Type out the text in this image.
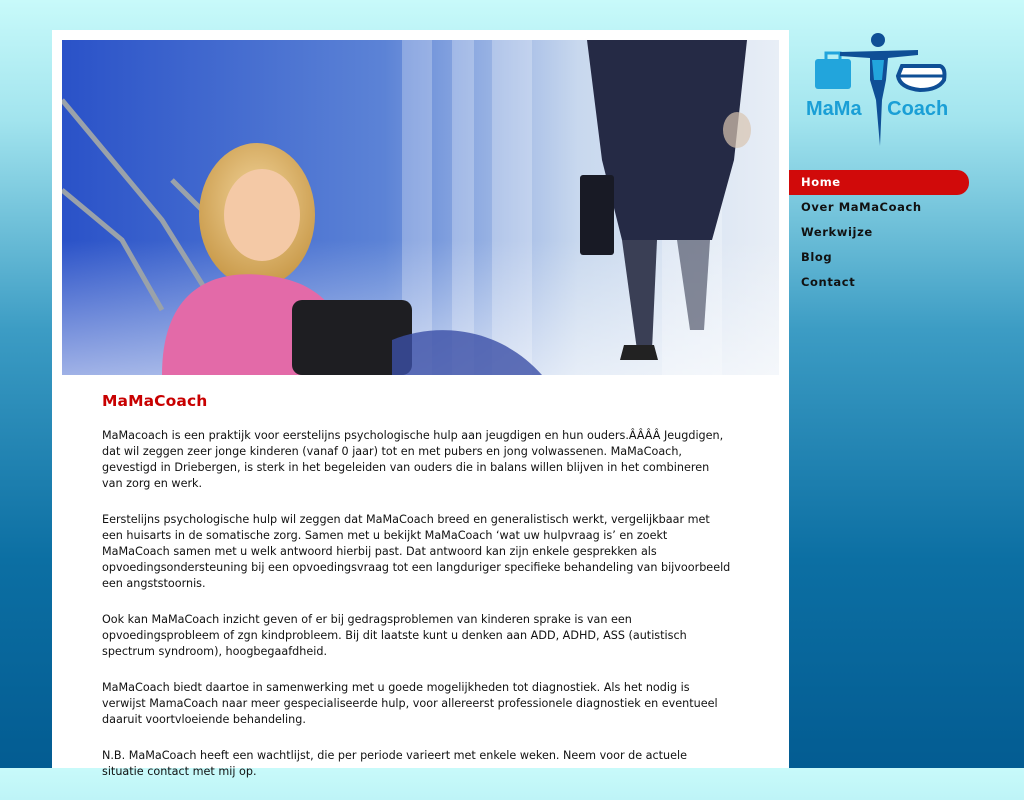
MaMaCoach

MaMacoach is een praktijk voor eerstelijns psychologische hulp aan jeugdigen en hun ouders.ÂÂÂÂ Jeugdigen, dat wil zeggen zeer jonge kinderen (vanaf 0 jaar) tot en met pubers en jong volwassenen. MaMaCoach, gevestigd in Driebergen, is sterk in het begeleiden van ouders die in balans willen blijven in het combineren van zorg en werk.

Eerstelijns psychologische hulp wil zeggen dat MaMaCoach breed en generalistisch werkt, vergelijkbaar met een huisarts in de somatische zorg. Samen met u bekijkt MaMaCoach ‘wat uw hulpvraag is’ en zoekt MaMaCoach samen met u welk antwoord hierbij past. Dat antwoord kan zijn enkele gesprekken als opvoedingsondersteuning bij een opvoedingsvraag tot een langduriger specifieke behandeling van bijvoorbeeld een angststoornis.

Ook kan MaMaCoach inzicht geven of er bij gedragsproblemen van kinderen sprake is van een opvoedingsprobleem of zgn kindprobleem. Bij dit laatste kunt u denken aan ADD, ADHD, ASS (autistisch spectrum syndroom), hoogbegaafdheid.

MaMaCoach biedt daartoe in samenwerking met u goede mogelijkheden tot diagnostiek. Als het nodig is verwijst MamaCoach naar meer gespecialiseerde hulp, voor allereerst professionele diagnostiek en eventueel daaruit voortvloeiende behandeling.

N.B. MaMaCoach heeft een wachtlijst, die per periode varieert met enkele weken. Neem voor de actuele situatie contact met mij op.

MaMa Coach
Home
Over MaMaCoach
Werkwijze
Blog
Contact
